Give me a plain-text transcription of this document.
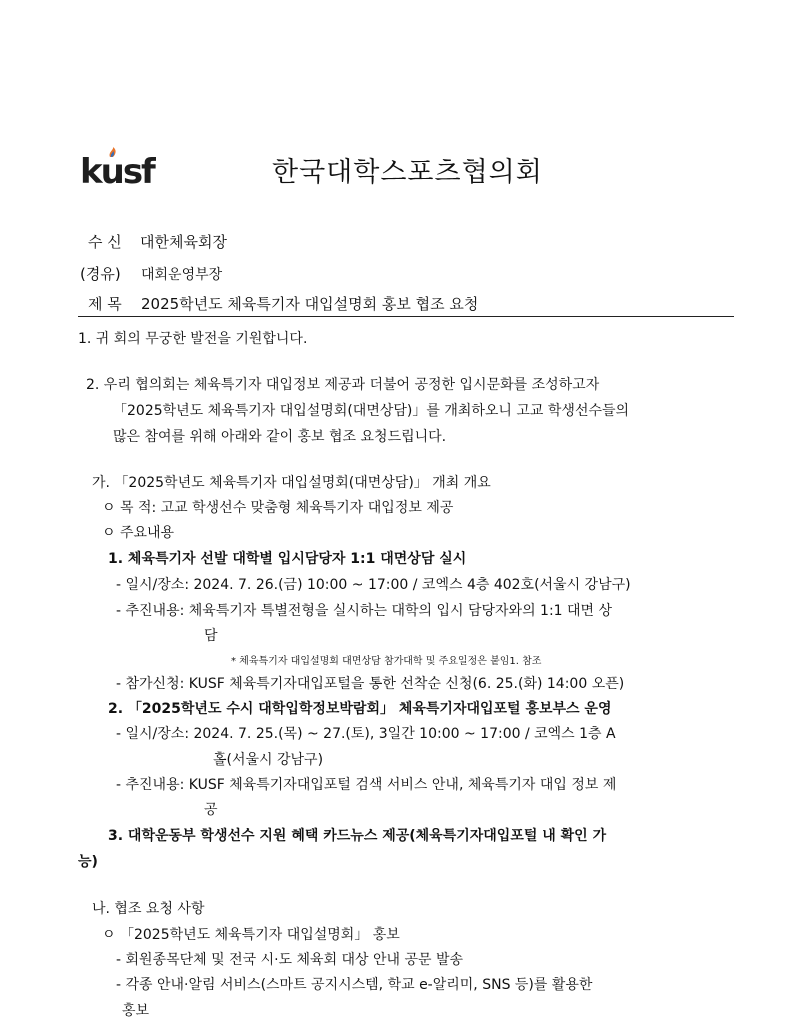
kusf	한국대학스포츠협의회
수 신 대한체육회장
(경유) 대회운영부장
제 목 2025학년도 체육특기자 대입설명회 홍보 협조 요청
1. 귀 회의 무궁한 발전을 기원합니다.
2. 우리 협의회는 체육특기자 대입정보 제공과 더불어 공정한 입시문화를 조성하고자
「2025학년도 체육특기자 대입설명회(대면상담)」를 개최하오니 고교 학생선수들의
많은 참여를 위해 아래와 같이 홍보 협조 요청드립니다.
가. 「2025학년도 체육특기자 대입설명회(대면상담)」 개최 개요
ㅇ 목 적: 고교 학생선수 맞춤형 체육특기자 대입정보 제공
ㅇ 주요내용
1. 체육특기자 선발 대학별 입시담당자 1:1 대면상담 실시
- 일시/장소: 2024. 7. 26.(금) 10:00 ~ 17:00 / 코엑스 4층 402호(서울시 강남구)
- 추진내용: 체육특기자 특별전형을 실시하는 대학의 입시 담당자와의 1:1 대면 상
담
* 체육특기자 대입설명회 대면상담 참가대학 및 주요일정은 붙임1. 참조
- 참가신청: KUSF 체육특기자대입포털을 통한 선착순 신청(6. 25.(화) 14:00 오픈)
2. 「2025학년도 수시 대학입학정보박람회」 체육특기자대입포털 홍보부스 운영
- 일시/장소: 2024. 7. 25.(목) ~ 27.(토), 3일간 10:00 ~ 17:00 / 코엑스 1층 A
홀(서울시 강남구)
- 추진내용: KUSF 체육특기자대입포털 검색 서비스 안내, 체육특기자 대입 정보 제
공
3. 대학운동부 학생선수 지원 혜택 카드뉴스 제공(체육특기자대입포털 내 확인 가
능)
나. 협조 요청 사항
ㅇ 「2025학년도 체육특기자 대입설명회」 홍보
- 회원종목단체 및 전국 시·도 체육회 대상 안내 공문 발송
- 각종 안내·알림 서비스(스마트 공지시스템, 학교 e-알리미, SNS 등)를 활용한
홍보
